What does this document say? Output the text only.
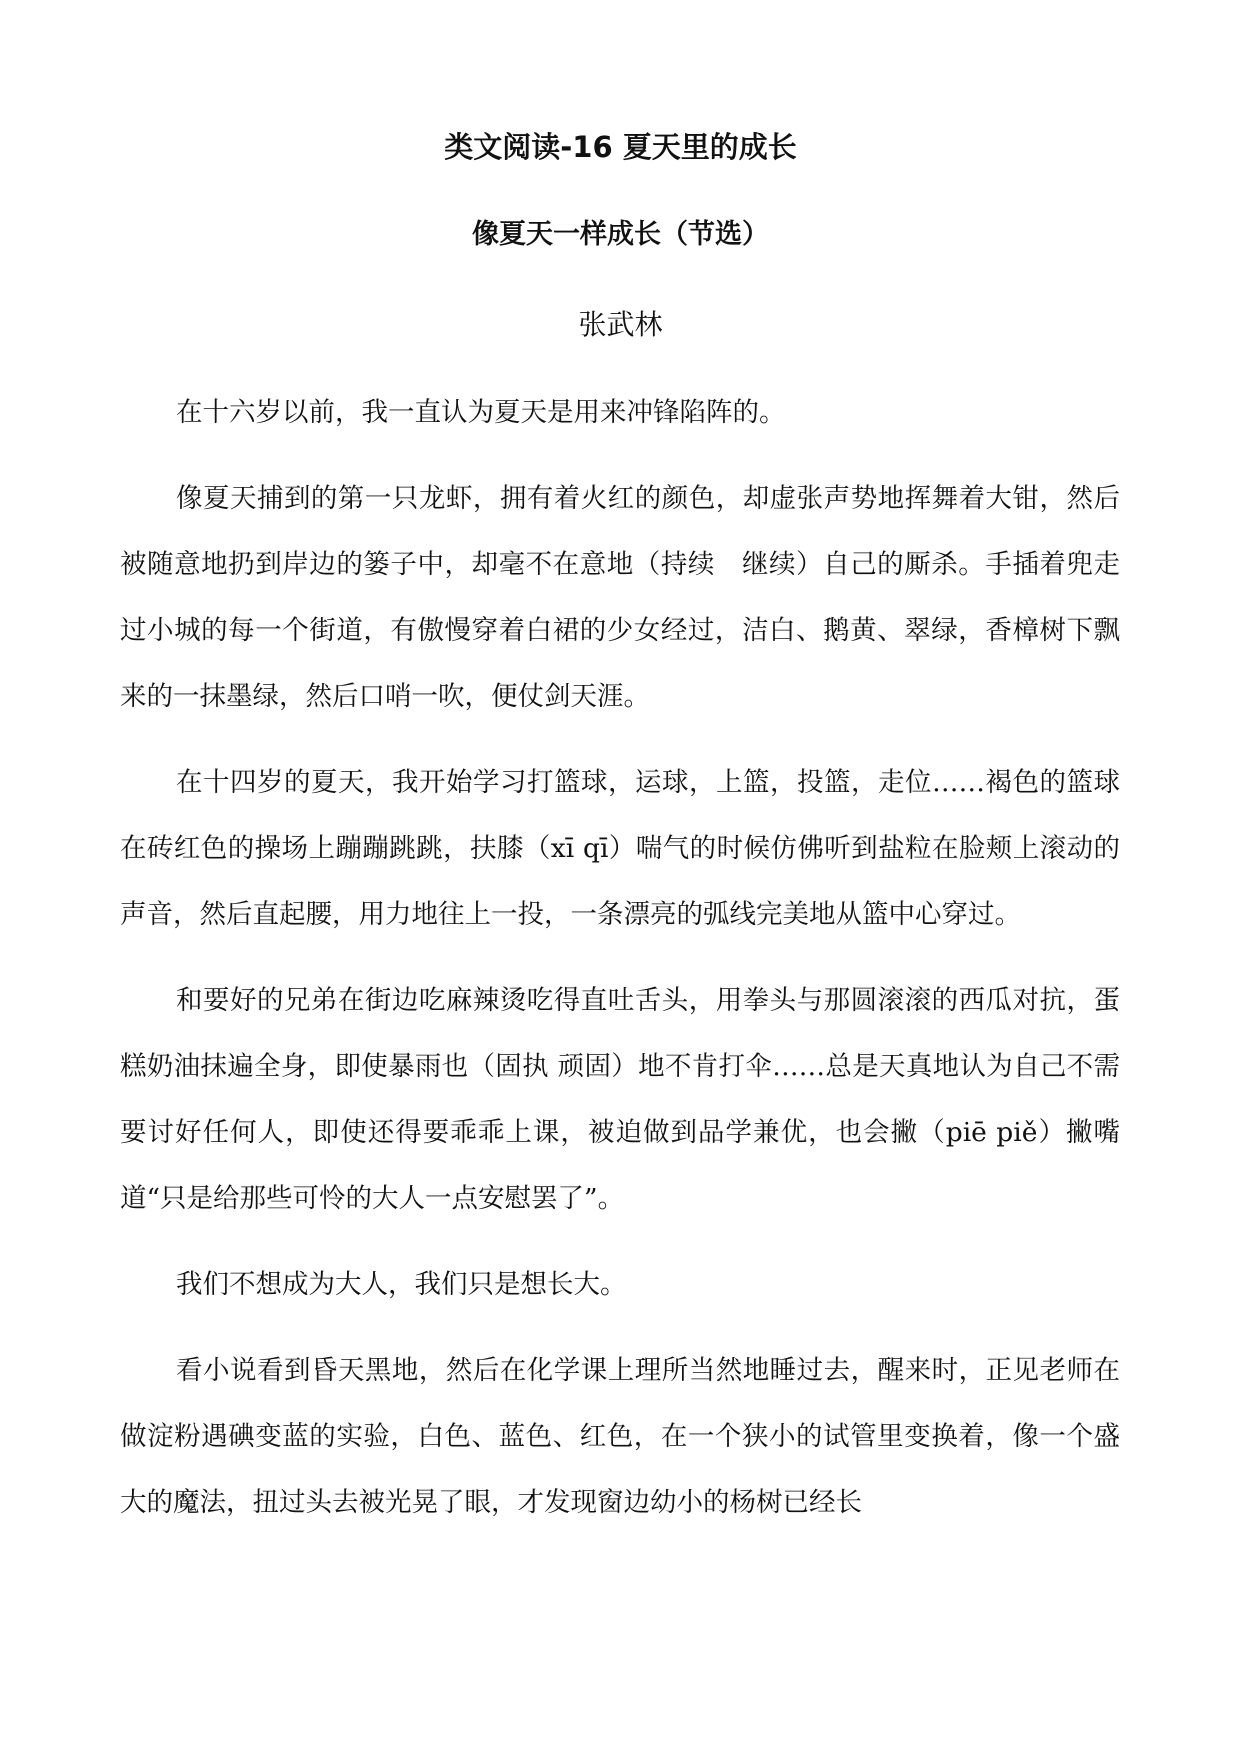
类文阅读-16 夏天里的成长
像夏天一样成长（节选）
张武林

在十六岁以前，我一直认为夏天是用来冲锋陷阵的。

像夏天捕到的第一只龙虾，拥有着火红的颜色，却虚张声势地挥舞着大钳，然后被随意地扔到岸边的篓子中，却毫不在意地（持续　继续）自己的厮杀。手插着兜走过小城的每一个街道，有傲慢穿着白裙的少女经过，洁白、鹅黄、翠绿，香樟树下飘来的一抹墨绿，然后口哨一吹，便仗剑天涯。

在十四岁的夏天，我开始学习打篮球，运球，上篮，投篮，走位……褐色的篮球在砖红色的操场上蹦蹦跳跳，扶膝（xī qī）喘气的时候仿佛听到盐粒在脸颊上滚动的声音，然后直起腰，用力地往上一投，一条漂亮的弧线完美地从篮中心穿过。

和要好的兄弟在街边吃麻辣烫吃得直吐舌头，用拳头与那圆滚滚的西瓜对抗，蛋糕奶油抹遍全身，即使暴雨也（固执 顽固）地不肯打伞……总是天真地认为自己不需要讨好任何人，即使还得要乖乖上课，被迫做到品学兼优，也会撇（piē piě）撇嘴道“只是给那些可怜的大人一点安慰罢了”。

我们不想成为大人，我们只是想长大。

看小说看到昏天黑地，然后在化学课上理所当然地睡过去，醒来时，正见老师在做淀粉遇碘变蓝的实验，白色、蓝色、红色，在一个狭小的试管里变换着，像一个盛大的魔法，扭过头去被光晃了眼，才发现窗边幼小的杨树已经长
